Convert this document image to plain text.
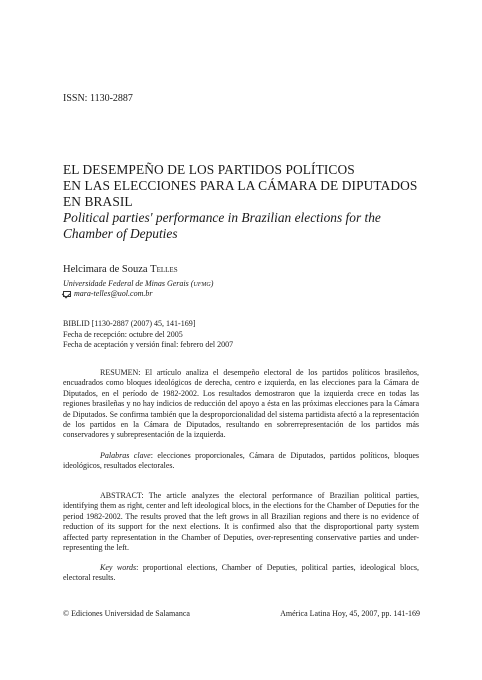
ISSN: 1130-2887
EL DESEMPEÑO DE LOS PARTIDOS POLÍTICOS
EN LAS ELECCIONES PARA LA CÁMARA DE DIPUTADOS
EN BRASIL
Political parties' performance in Brazilian elections for the Chamber of Deputies
Helcimara de Souza Telles
Universidade Federal de Minas Gerais (ufmg)
mara-telles@uol.com.br
BIBLID [1130-2887 (2007) 45, 141-169]
Fecha de recepción: octubre del 2005
Fecha de aceptación y versión final: febrero del 2007
RESUMEN: El artículo analiza el desempeño electoral de los partidos políticos brasileños, encuadrados como bloques ideológicos de derecha, centro e izquierda, en las elecciones para la Cámara de Diputados, en el período de 1982-2002. Los resultados demostraron que la izquierda crece en todas las regiones brasileñas y no hay indicios de reducción del apoyo a ésta en las próximas elecciones para la Cámara de Diputados. Se confirma también que la desproporcionalidad del sistema partidista afectó a la representación de los partidos en la Cámara de Diputados, resultando en sobrerrepresentación de los partidos más conservadores y subrepresentación de la izquierda.
Palabras clave: elecciones proporcionales, Cámara de Diputados, partidos políticos, bloques ideológicos, resultados electorales.
ABSTRACT: The article analyzes the electoral performance of Brazilian political parties, identifying them as right, center and left ideological blocs, in the elections for the Chamber of Deputies for the period 1982-2002. The results proved that the left grows in all Brazilian regions and there is no evidence of reduction of its support for the next elections. It is confirmed also that the disproportional party system affected party representation in the Chamber of Deputies, over-representing conservative parties and under-representing the left.
Key words: proportional elections, Chamber of Deputies, political parties, ideological blocs, electoral results.
© Ediciones Universidad de Salamanca	América Latina Hoy, 45, 2007, pp. 141-169
